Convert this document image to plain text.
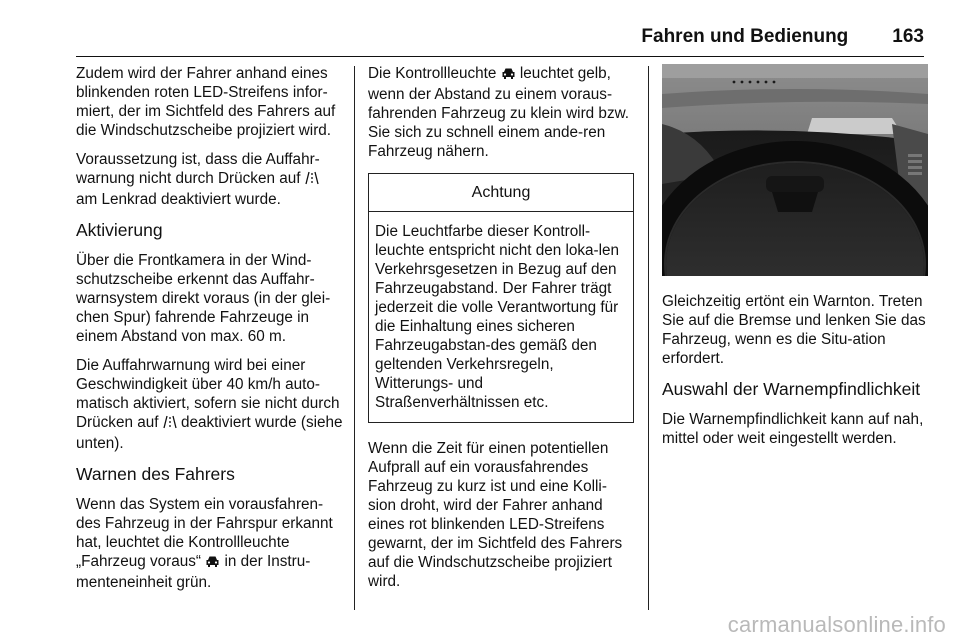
Fahren und Bedienung 163

Zudem wird der Fahrer anhand eines blinkenden roten LED-Streifens infor-miert, der im Sichtfeld des Fahrers auf die Windschutzscheibe projiziert wird.

Voraussetzung ist, dass die Auffahr-warnung nicht durch Drücken auf  am Lenkrad deaktiviert wurde.

Aktivierung

Über die Frontkamera in der Wind-schutzscheibe erkennt das Auffahr-warnsystem direkt voraus (in der glei-chen Spur) fahrende Fahrzeuge in einem Abstand von max. 60 m.

Die Auffahrwarnung wird bei einer Geschwindigkeit über 40 km/h auto-matisch aktiviert, sofern sie nicht durch Drücken auf  deaktiviert wurde (siehe unten).

Warnen des Fahrers

Wenn das System ein vorausfahren-des Fahrzeug in der Fahrspur erkannt hat, leuchtet die Kontrollleuchte „Fahrzeug voraus“  in der Instru-menteneinheit grün.

Die Kontrollleuchte  leuchtet gelb, wenn der Abstand zu einem voraus-fahrenden Fahrzeug zu klein wird bzw. Sie sich zu schnell einem ande-ren Fahrzeug nähern.

Achtung
Die Leuchtfarbe dieser Kontroll-leuchte entspricht nicht den loka-len Verkehrsgesetzen in Bezug auf den Fahrzeugabstand. Der Fahrer trägt jederzeit die volle Verantwortung für die Einhaltung eines sicheren Fahrzeugabstan-des gemäß den geltenden Verkehrsregeln, Witterungs- und Straßenverhältnissen etc.

Wenn die Zeit für einen potentiellen Aufprall auf ein vorausfahrendes Fahrzeug zu kurz ist und eine Kolli-sion droht, wird der Fahrer anhand eines rot blinkenden LED-Streifens gewarnt, der im Sichtfeld des Fahrers auf die Windschutzscheibe projiziert wird.

Gleichzeitig ertönt ein Warnton. Treten Sie auf die Bremse und lenken Sie das Fahrzeug, wenn es die Situ-ation erfordert.

Auswahl der Warnempfindlichkeit

Die Warnempfindlichkeit kann auf nah, mittel oder weit eingestellt werden.

carmanualsonline.info
